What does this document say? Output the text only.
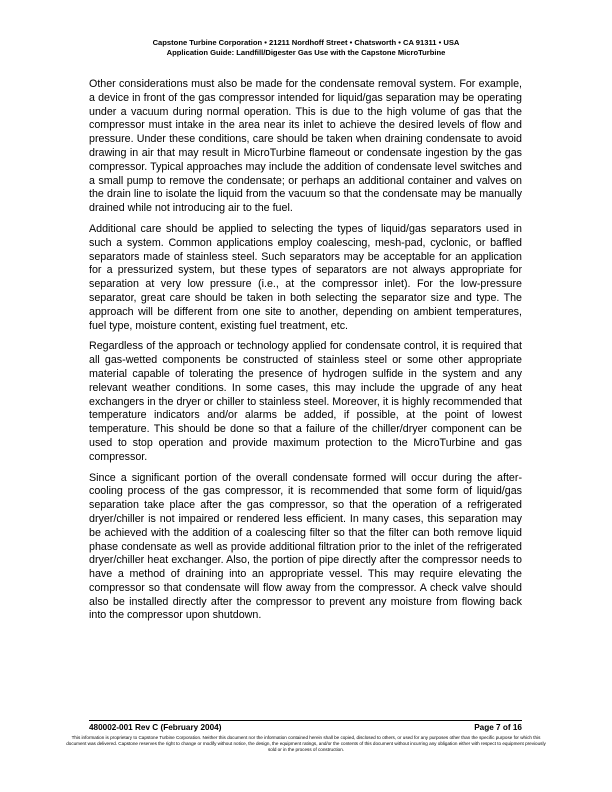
Capstone Turbine Corporation • 21211 Nordhoff Street • Chatsworth • CA 91311 • USA
Application Guide: Landfill/Digester Gas Use with the Capstone MicroTurbine

Other considerations must also be made for the condensate removal system. For example, a device in front of the gas compressor intended for liquid/gas separation may be operating under a vacuum during normal operation. This is due to the high volume of gas that the compressor must intake in the area near its inlet to achieve the desired levels of flow and pressure. Under these conditions, care should be taken when draining condensate to avoid drawing in air that may result in MicroTurbine flameout or condensate ingestion by the gas compressor. Typical approaches may include the addition of condensate level switches and a small pump to remove the condensate; or perhaps an additional container and valves on the drain line to isolate the liquid from the vacuum so that the condensate may be manually drained while not introducing air to the fuel.

Additional care should be applied to selecting the types of liquid/gas separators used in such a system. Common applications employ coalescing, mesh-pad, cyclonic, or baffled separators made of stainless steel. Such separators may be acceptable for an application for a pressurized system, but these types of separators are not always appropriate for separation at very low pressure (i.e., at the compressor inlet). For the low-pressure separator, great care should be taken in both selecting the separator size and type. The approach will be different from one site to another, depending on ambient temperatures, fuel type, moisture content, existing fuel treatment, etc.

Regardless of the approach or technology applied for condensate control, it is required that all gas-wetted components be constructed of stainless steel or some other appropriate material capable of tolerating the presence of hydrogen sulfide in the system and any relevant weather conditions. In some cases, this may include the upgrade of any heat exchangers in the dryer or chiller to stainless steel. Moreover, it is highly recommended that temperature indicators and/or alarms be added, if possible, at the point of lowest temperature. This should be done so that a failure of the chiller/dryer component can be used to stop operation and provide maximum protection to the MicroTurbine and gas compressor.

Since a significant portion of the overall condensate formed will occur during the after-cooling process of the gas compressor, it is recommended that some form of liquid/gas separation take place after the gas compressor, so that the operation of a refrigerated dryer/chiller is not impaired or rendered less efficient. In many cases, this separation may be achieved with the addition of a coalescing filter so that the filter can both remove liquid phase condensate as well as provide additional filtration prior to the inlet of the refrigerated dryer/chiller heat exchanger. Also, the portion of pipe directly after the compressor needs to have a method of draining into an appropriate vessel. This may require elevating the compressor so that condensate will flow away from the compressor. A check valve should also be installed directly after the compressor to prevent any moisture from flowing back into the compressor upon shutdown.

480002-001 Rev C (February 2004)	Page 7 of 16
This information is proprietary to Capstone Turbine Corporation. Neither this document nor the information contained herein shall be copied, disclosed to others, or used for any purposes other than the specific purpose for which this document was delivered. Capstone reserves the right to change or modify without notice, the design, the equipment ratings, and/or the contents of this document without incurring any obligation either with respect to equipment previously sold or in the process of construction.
